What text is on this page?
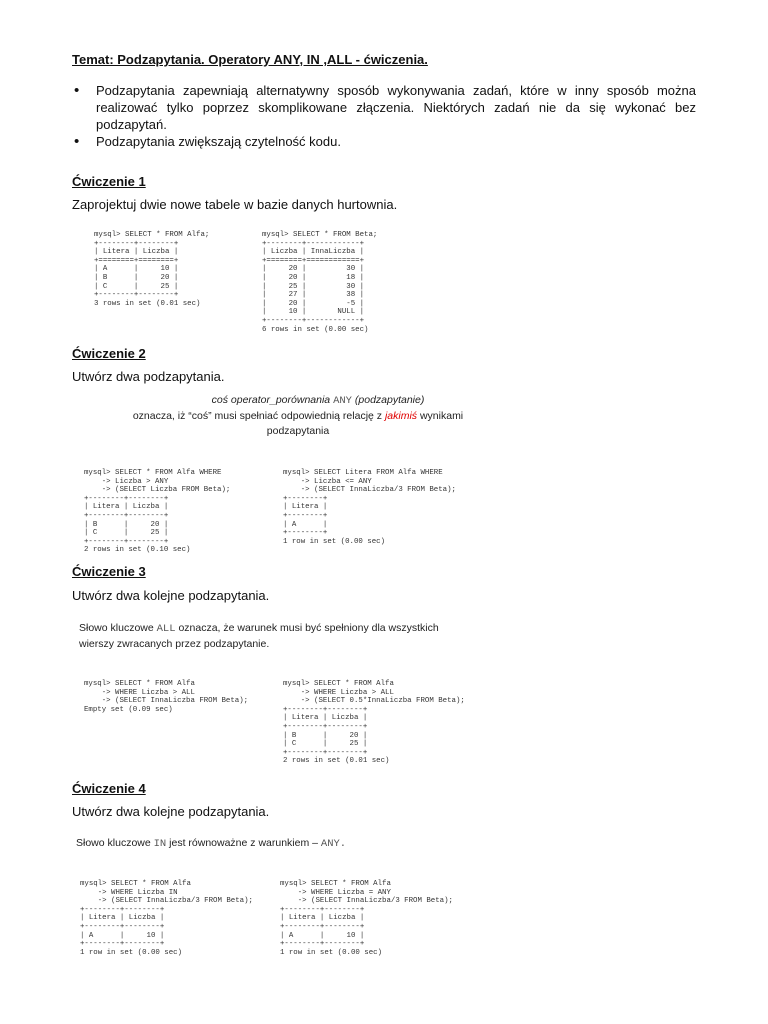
Temat: Podzapytania. Operatory ANY, IN ,ALL - ćwiczenia.

• Podzapytania zapewniają alternatywny sposób wykonywania zadań, które w inny sposób można realizować tylko poprzez skomplikowane złączenia. Niektórych zadań nie da się wykonać bez podzapytań.
• Podzapytania zwiększają czytelność kodu.

Ćwiczenie 1

Zaprojektuj dwie nowe tabele w bazie danych hurtownia.

mysql> SELECT * FROM Alfa;
+--------+--------+
| Litera | Liczba |
+========+========+
| A      |     10 |
| B      |     20 |
| C      |     25 |
+--------+--------+
3 rows in set (0.01 sec)
mysql> SELECT * FROM Beta;
+--------+------------+
| Liczba | InnaLiczba |
+========+============+
|     20 |         30 |
|     20 |         18 |
|     25 |         30 |
|     27 |         38 |
|     20 |         -5 |
|     10 |       NULL |
+--------+------------+
6 rows in set (0.00 sec)

Ćwiczenie 2

Utwórz dwa podzapytania.

coś operator_porównania ANY (podzapytanie)
oznacza, iż “coś” musi spełniać odpowiednią relację z jakimiś wynikami
podzapytania
mysql> SELECT * FROM Alfa WHERE
-> Liczba > ANY
-> (SELECT Liczba FROM Beta);
+--------+--------+
| Litera | Liczba |
+--------+--------+
| B      |     20 |
| C      |     25 |
+--------+--------+
2 rows in set (0.10 sec)
mysql> SELECT Litera FROM Alfa WHERE
-> Liczba <= ANY
-> (SELECT InnaLiczba/3 FROM Beta);
+--------+
| Litera |
+--------+
| A      |
+--------+
1 row in set (0.00 sec)

Ćwiczenie 3

Utwórz dwa kolejne podzapytania.

Słowo kluczowe ALL oznacza, że warunek musi być spełniony dla wszystkich
wierszy zwracanych przez podzapytanie.
mysql> SELECT * FROM Alfa
-> WHERE Liczba > ALL
-> (SELECT InnaLiczba FROM Beta);
Empty set (0.09 sec)
mysql> SELECT * FROM Alfa
-> WHERE Liczba > ALL
-> (SELECT 0.5*InnaLiczba FROM Beta);
+--------+--------+
| Litera | Liczba |
+--------+--------+
| B      |     20 |
| C      |     25 |
+--------+--------+
2 rows in set (0.01 sec)

Ćwiczenie 4

Utwórz dwa kolejne podzapytania.

Słowo kluczowe IN jest równoważne z warunkiem – ANY.
mysql> SELECT * FROM Alfa
-> WHERE Liczba IN
-> (SELECT InnaLiczba/3 FROM Beta);
+--------+--------+
| Litera | Liczba |
+--------+--------+
| A      |     10 |
+--------+--------+
1 row in set (0.00 sec)
mysql> SELECT * FROM Alfa
-> WHERE Liczba = ANY
-> (SELECT InnaLiczba/3 FROM Beta);
+--------+--------+
| Litera | Liczba |
+--------+--------+
| A      |     10 |
+--------+--------+
1 row in set (0.00 sec)
